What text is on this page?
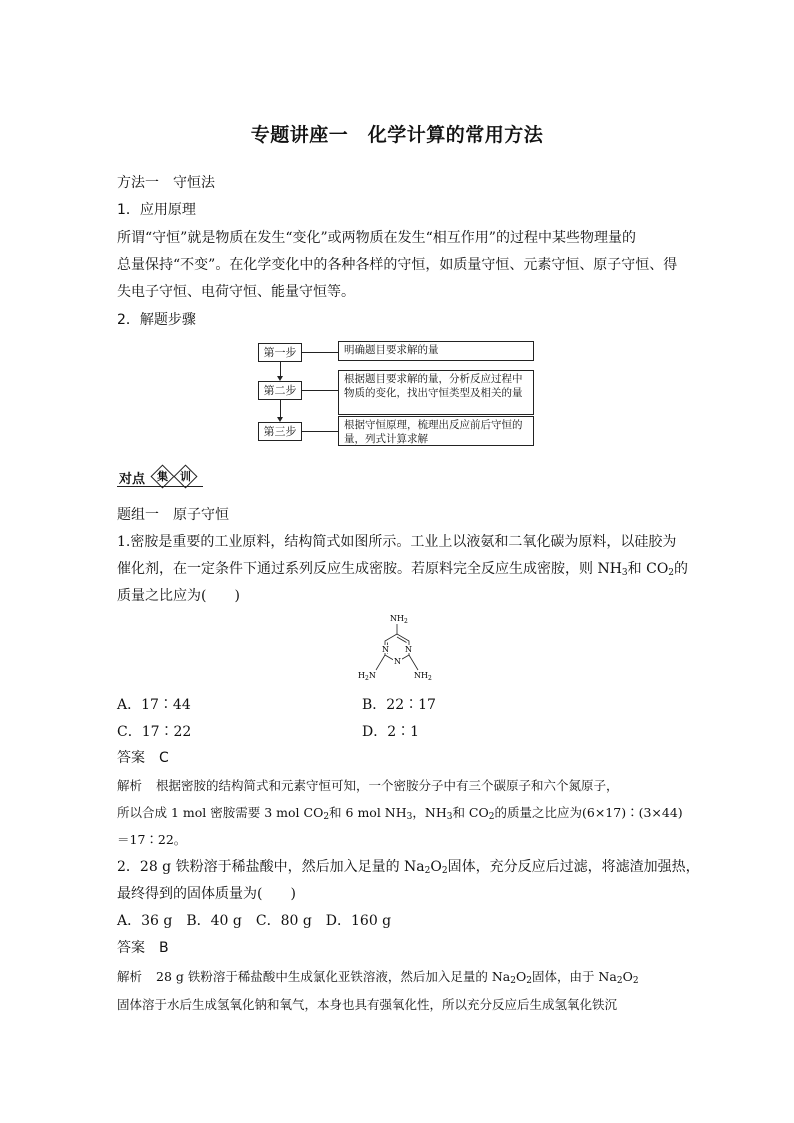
专题讲座一　化学计算的常用方法
方法一　守恒法
1．应用原理
所谓“守恒”就是物质在发生“变化”或两物质在发生“相互作用”的过程中某些物理量的
总量保持“不变”。在化学变化中的各种各样的守恒，如质量守恒、元素守恒、原子守恒、得
失电子守恒、电荷守恒、能量守恒等。
2．解题步骤
第一步
第二步
第三步
明确题目要求解的量
根据题目要求解的量，分析反应过程中物质的变化，找出守恒类型及相关的量
根据守恒原理，梳理出反应前后守恒的量，列式计算求解
对点 集 训
题组一　原子守恒
1.密胺是重要的工业原料，结构简式如图所示。工业上以液氨和二氧化碳为原料，以硅胶为
催化剂，在一定条件下通过系列反应生成密胺。若原料完全反应生成密胺，则 $NH_3$和 $CO_2$的
质量之比应为(　　)
$NH_2$
N
N
N
$H_2N$	$NH_2$
A．17∶44	B．22∶17
C．17∶22	D．2∶1
答案 C
解析 根据密胺的结构简式和元素守恒可知，一个密胺分子中有三个碳原子和六个氮原子，
所以合成 1 mol 密胺需要 3 mol $CO_2$和 6 mol $NH_3$，$NH_3$和 $CO_2$的质量之比应为(6×17)∶(3×44)
＝17∶22。
2．28 g 铁粉溶于稀盐酸中，然后加入足量的 $Na_2O_2$固体，充分反应后过滤，将滤渣加强热，
最终得到的固体质量为(　　)
A．36 g　B．40 g　C．80 g　D．160 g
答案 B
解析 28 g 铁粉溶于稀盐酸中生成氯化亚铁溶液，然后加入足量的 $Na_2O_2$固体，由于 $Na_2O_2$
固体溶于水后生成氢氧化钠和氧气，本身也具有强氧化性，所以充分反应后生成氢氧化铁沉
